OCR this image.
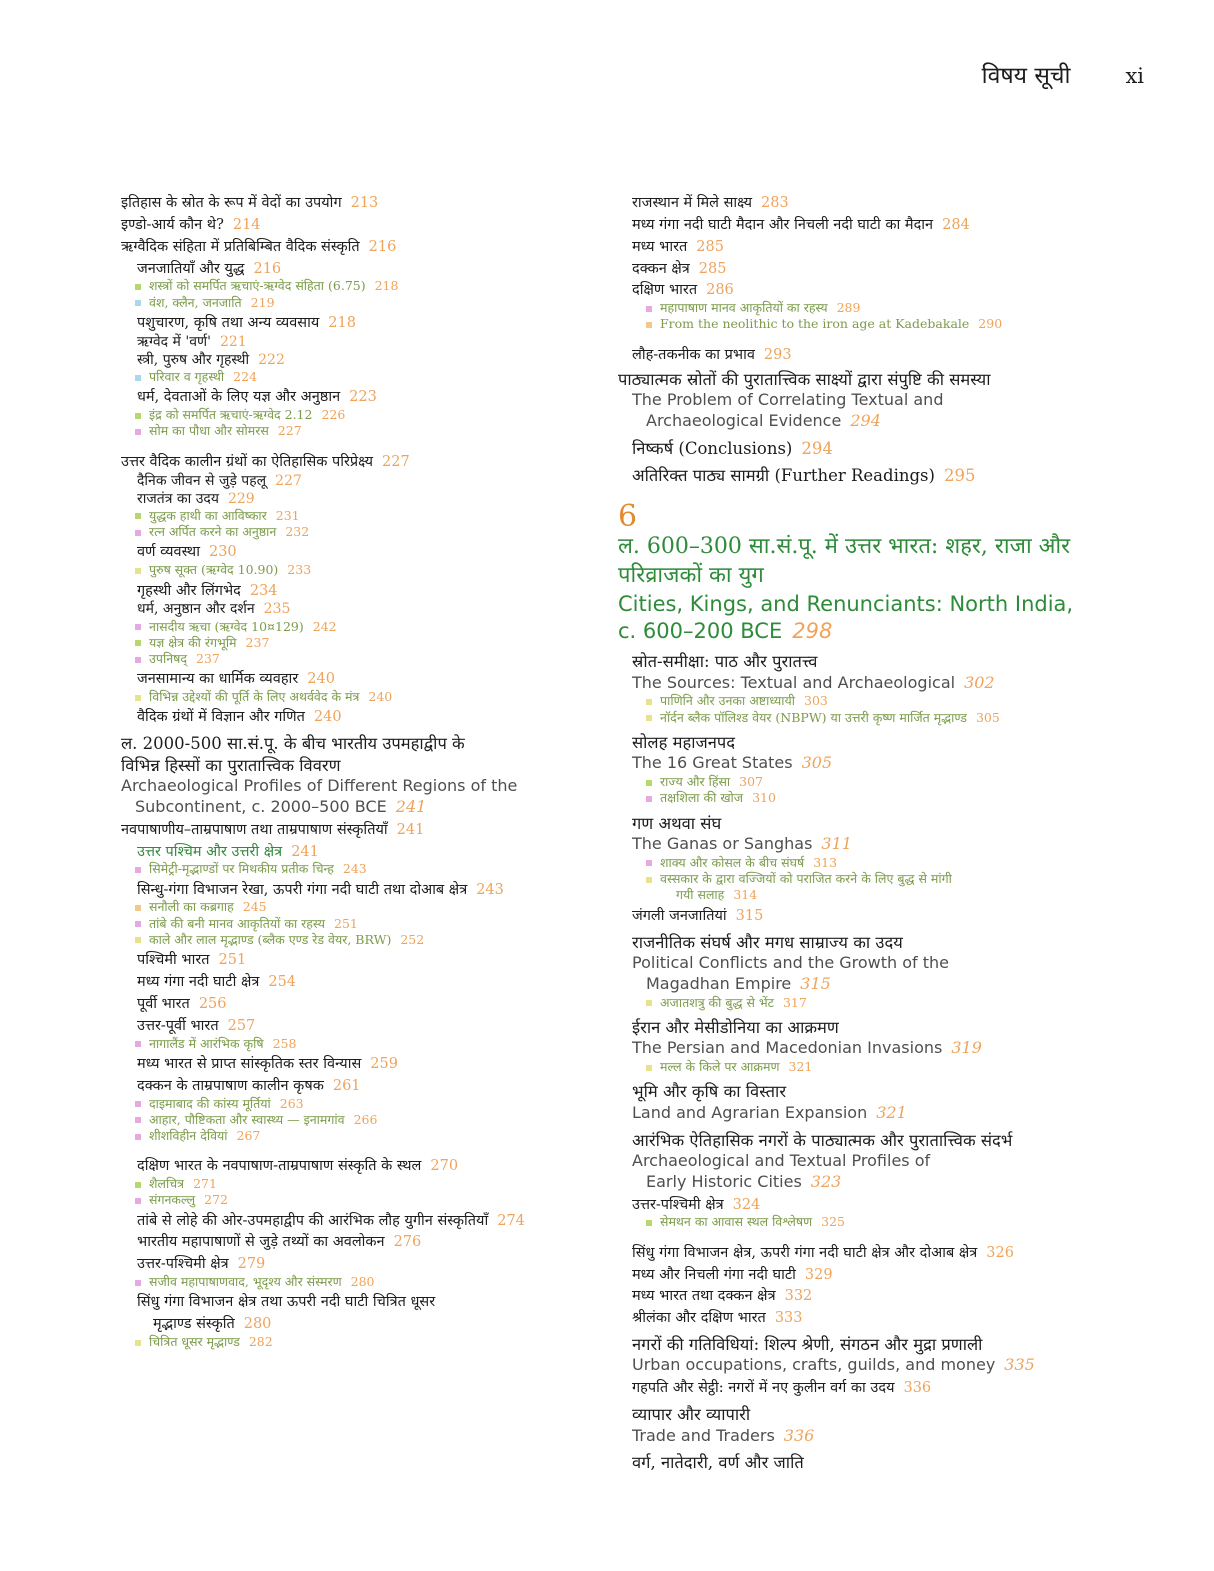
विषय सूची	xi
इतिहास के स्रोत के रूप में वेदों का उपयोग 213
इण्डो-आर्य कौन थे? 214
ऋग्वैदिक संहिता में प्रतिबिम्बित वैदिक संस्कृति 216
जनजातियाँ और युद्ध 216
शस्त्रों को समर्पित ऋचाएं-ऋग्वेद संहिता (6.75) 218
वंश, क्लैन, जनजाति 219
पशुचारण, कृषि तथा अन्य व्यवसाय 218
ऋग्वेद में 'वर्ण' 221
स्त्री, पुरुष और गृहस्थी 222
परिवार व गृहस्थी 224
धर्म, देवताओं के लिए यज्ञ और अनुष्ठान 223
इंद्र को समर्पित ऋचाएं-ऋग्वेद 2.12 226
सोम का पौधा और सोमरस 227
उत्तर वैदिक कालीन ग्रंथों का ऐतिहासिक परिप्रेक्ष्य 227
दैनिक जीवन से जुड़े पहलू 227
राजतंत्र का उदय 229
युद्धक हाथी का आविष्कार 231
रत्न अर्पित करने का अनुष्ठान 232
वर्ण व्यवस्था 230
पुरुष सूक्त (ऋग्वेद 10.90) 233
गृहस्थी और लिंगभेद 234
धर्म, अनुष्ठान और दर्शन 235
नासदीय ऋचा (ऋग्वेद 10¤129) 242
यज्ञ क्षेत्र की रंगभूमि 237
उपनिषद् 237
जनसामान्य का धार्मिक व्यवहार 240
विभिन्न उद्देश्यों की पूर्ति के लिए अथर्ववेद के मंत्र 240
वैदिक ग्रंथों में विज्ञान और गणित 240
ल. 2000-500 सा.सं.पू. के बीच भारतीय उपमहाद्वीप के
विभिन्न हिस्सों का पुरातात्त्विक विवरण
Archaeological Profiles of Different Regions of the
Subcontinent, c. 2000–500 BCE 241
नवपाषाणीय–ताम्रपाषाण तथा ताम्रपाषाण संस्कृतियाँ 241
उत्तर पश्चिम और उत्तरी क्षेत्र 241
सिमेट्री-मृद्भाण्डों पर मिथकीय प्रतीक चिन्ह 243
सिन्धु-गंगा विभाजन रेखा, ऊपरी गंगा नदी घाटी तथा दोआब क्षेत्र 243
सनौली का कब्रगाह 245
तांबे की बनी मानव आकृतियों का रहस्य 251
काले और लाल मृद्भाण्ड (ब्लैक एण्ड रेड वेयर, BRW) 252
पश्चिमी भारत 251
मध्य गंगा नदी घाटी क्षेत्र 254
पूर्वी भारत 256
उत्तर-पूर्वी भारत 257
नागालैंड में आरंभिक कृषि 258
मध्य भारत से प्राप्त सांस्कृतिक स्तर विन्यास 259
दक्कन के ताम्रपाषाण कालीन कृषक 261
दाइमाबाद की कांस्य मूर्तियां 263
आहार, पौष्टिकता और स्वास्थ्य — इनामगांव 266
शीशविहीन देवियां 267
दक्षिण भारत के नवपाषाण-ताम्रपाषाण संस्कृति के स्थल 270
शैलचित्र 271
संगनकल्लु 272
तांबे से लोहे की ओर-उपमहाद्वीप की आरंभिक लौह युगीन संस्कृतियाँ 274
भारतीय महापाषाणों से जुड़े तथ्यों का अवलोकन 276
उत्तर-पश्चिमी क्षेत्र 279
सजीव महापाषाणवाद, भूदृश्य और संस्मरण 280
सिंधु गंगा विभाजन क्षेत्र तथा ऊपरी नदी घाटी चित्रित धूसर
मृद्भाण्ड संस्कृति 280
चित्रित धूसर मृद्भाण्ड 282
राजस्थान में मिले साक्ष्य 283
मध्य गंगा नदी घाटी मैदान और निचली नदी घाटी का मैदान 284
मध्य भारत 285
दक्कन क्षेत्र 285
दक्षिण भारत 286
महापाषाण मानव आकृतियों का रहस्य 289
From the neolithic to the iron age at Kadebakale 290
लौह-तकनीक का प्रभाव 293
पाठ्यात्मक स्रोतों की पुरातात्त्विक साक्ष्यों द्वारा संपुष्टि की समस्या
The Problem of Correlating Textual and
Archaeological Evidence 294
निष्कर्ष (Conclusions) 294
अतिरिक्त पाठ्य सामग्री (Further Readings) 295
6
ल. 600–300 सा.सं.पू. में उत्तर भारत: शहर, राजा और
परिव्राजकों का युग
Cities, Kings, and Renunciants: North India,
c. 600–200 BCE 298
स्रोत-समीक्षा: पाठ और पुरातत्त्व
The Sources: Textual and Archaeological 302
पाणिनि और उनका अष्टाध्यायी 303
नॉर्दन ब्लैक पॉलिश्ड वेयर (NBPW) या उत्तरी कृष्ण मार्जित मृद्भाण्ड 305
सोलह महाजनपद
The 16 Great States 305
राज्य और हिंसा 307
तक्षशिला की खोज 310
गण अथवा संघ
The Ganas or Sanghas 311
शाक्य और कोसल के बीच संघर्ष 313
वस्सकार के द्वारा वज्जियों को पराजित करने के लिए बुद्ध से मांगी
गयी सलाह 314
जंगली जनजातियां 315
राजनीतिक संघर्ष और मगध साम्राज्य का उदय
Political Conflicts and the Growth of the
Magadhan Empire 315
अजातशत्रु की बुद्ध से भेंट 317
ईरान और मेसीडोनिया का आक्रमण
The Persian and Macedonian Invasions 319
मल्ल के किले पर आक्रमण 321
भूमि और कृषि का विस्तार
Land and Agrarian Expansion 321
आरंभिक ऐतिहासिक नगरों के पाठ्यात्मक और पुरातात्त्विक संदर्भ
Archaeological and Textual Profiles of
Early Historic Cities 323
उत्तर-पश्चिमी क्षेत्र 324
सेमथन का आवास स्थल विश्लेषण 325
सिंधु गंगा विभाजन क्षेत्र, ऊपरी गंगा नदी घाटी क्षेत्र और दोआब क्षेत्र 326
मध्य और निचली गंगा नदी घाटी 329
मध्य भारत तथा दक्कन क्षेत्र 332
श्रीलंका और दक्षिण भारत 333
नगरों की गतिविधियां: शिल्प श्रेणी, संगठन और मुद्रा प्रणाली
Urban occupations, crafts, guilds, and money 335
गहपति और सेट्ठी: नगरों में नए कुलीन वर्ग का उदय 336
व्यापार और व्यापारी
Trade and Traders 336
वर्ग, नातेदारी, वर्ण और जाति
